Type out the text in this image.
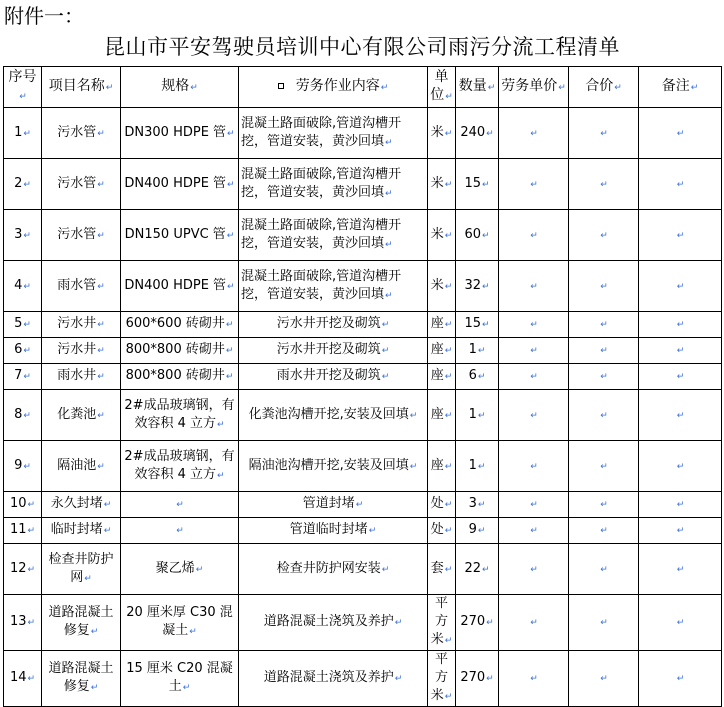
附件一：
昆山市平安驾驶员培训中心有限公司雨污分流工程清单
序号↵	项目名称↵	规格↵	劳务作业内容↵	单位↵	数量↵	劳务单价↵	合价↵	备注↵
1↵	污水管↵	DN300 HDPE 管↵	混凝土路面破除,管道沟槽开挖，管道安装，黄沙回填↵	米↵	240↵	↵	↵	↵
2↵	污水管↵	DN400 HDPE 管↵	混凝土路面破除,管道沟槽开挖，管道安装，黄沙回填↵	米↵	15↵	↵	↵	↵
3↵	污水管↵	DN150 UPVC 管↵	混凝土路面破除,管道沟槽开挖，管道安装，黄沙回填↵	米↵	60↵	↵	↵	↵
4↵	雨水管↵	DN400 HDPE 管↵	混凝土路面破除,管道沟槽开挖，管道安装，黄沙回填↵	米↵	32↵	↵	↵	↵
5↵	污水井↵	600*600 砖砌井↵	污水井开挖及砌筑↵	座↵	15↵	↵	↵	↵
6↵	污水井↵	800*800 砖砌井↵	污水井开挖及砌筑↵	座↵	1↵	↵	↵	↵
7↵	雨水井↵	800*800 砖砌井↵	雨水井开挖及砌筑↵	座↵	6↵	↵	↵	↵
8↵	化粪池↵	2#成品玻璃钢，有效容积 4 立方↵	化粪池沟槽开挖,安装及回填↵	座↵	1↵	↵	↵	↵
9↵	隔油池↵	2#成品玻璃钢，有效容积 4 立方↵	隔油池沟槽开挖,安装及回填↵	座↵	1↵	↵	↵	↵
10↵	永久封堵↵	↵	管道封堵↵	处↵	3↵	↵	↵	↵
11↵	临时封堵↵	↵	管道临时封堵↵	处↵	9↵	↵	↵	↵
12↵	检查井防护网↵	聚乙烯↵	检查井防护网安装↵	套↵	22↵	↵	↵	↵
13↵	道路混凝土修复↵	20 厘米厚 C30 混凝土↵	道路混凝土浇筑及养护↵	平方米↵	270↵	↵	↵	↵
14↵	道路混凝土修复↵	15 厘米 C20 混凝土↵	道路混凝土浇筑及养护↵	平方米↵	270↵	↵	↵	↵
